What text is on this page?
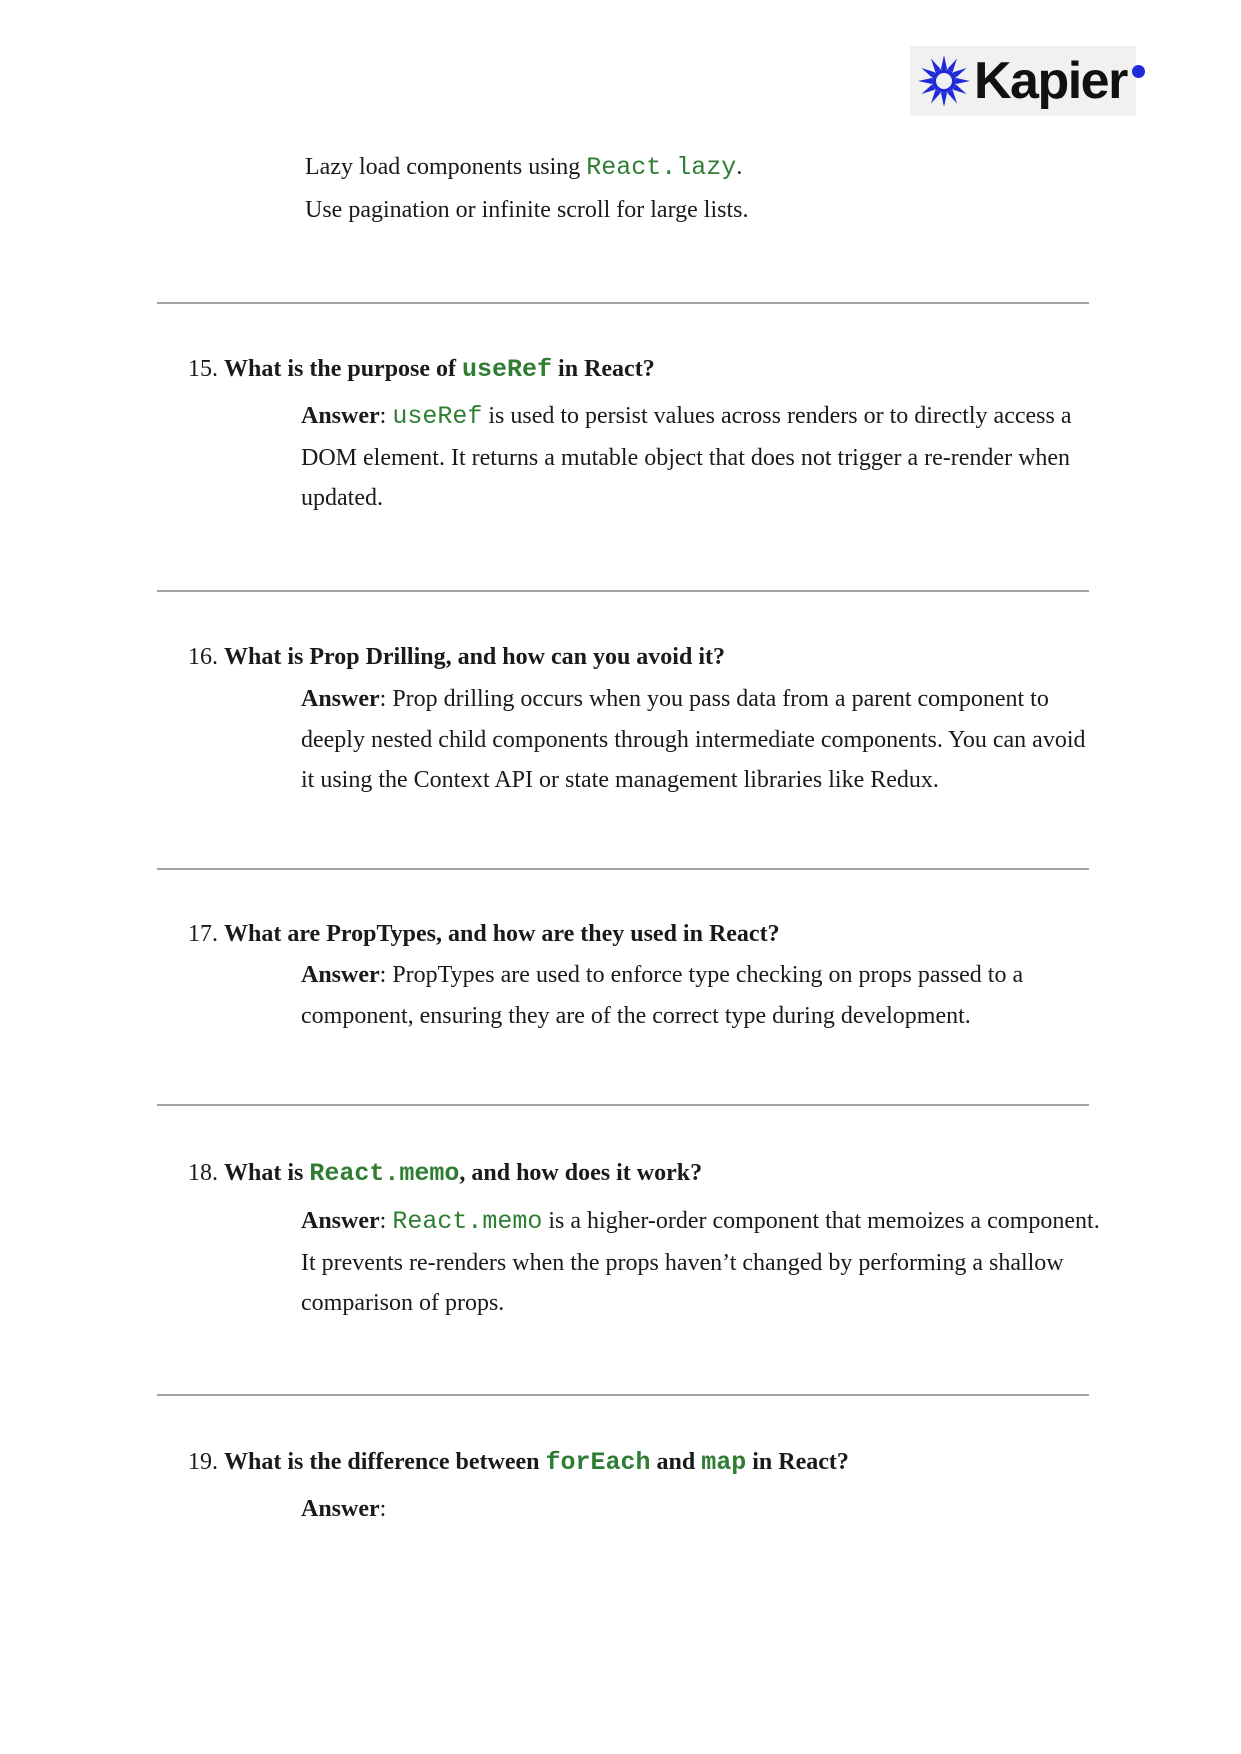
Kapier
Lazy load components using React.lazy.
Use pagination or infinite scroll for large lists.
15. What is the purpose of useRef in React?
Answer: useRef is used to persist values across renders or to directly access a DOM element. It returns a mutable object that does not trigger a re-render when updated.
16. What is Prop Drilling, and how can you avoid it?
Answer: Prop drilling occurs when you pass data from a parent component to deeply nested child components through intermediate components. You can avoid it using the Context API or state management libraries like Redux.
17. What are PropTypes, and how are they used in React?
Answer: PropTypes are used to enforce type checking on props passed to a component, ensuring they are of the correct type during development.
18. What is React.memo, and how does it work?
Answer: React.memo is a higher-order component that memoizes a component. It prevents re-renders when the props haven’t changed by performing a shallow comparison of props.
19. What is the difference between forEach and map in React?
Answer:
